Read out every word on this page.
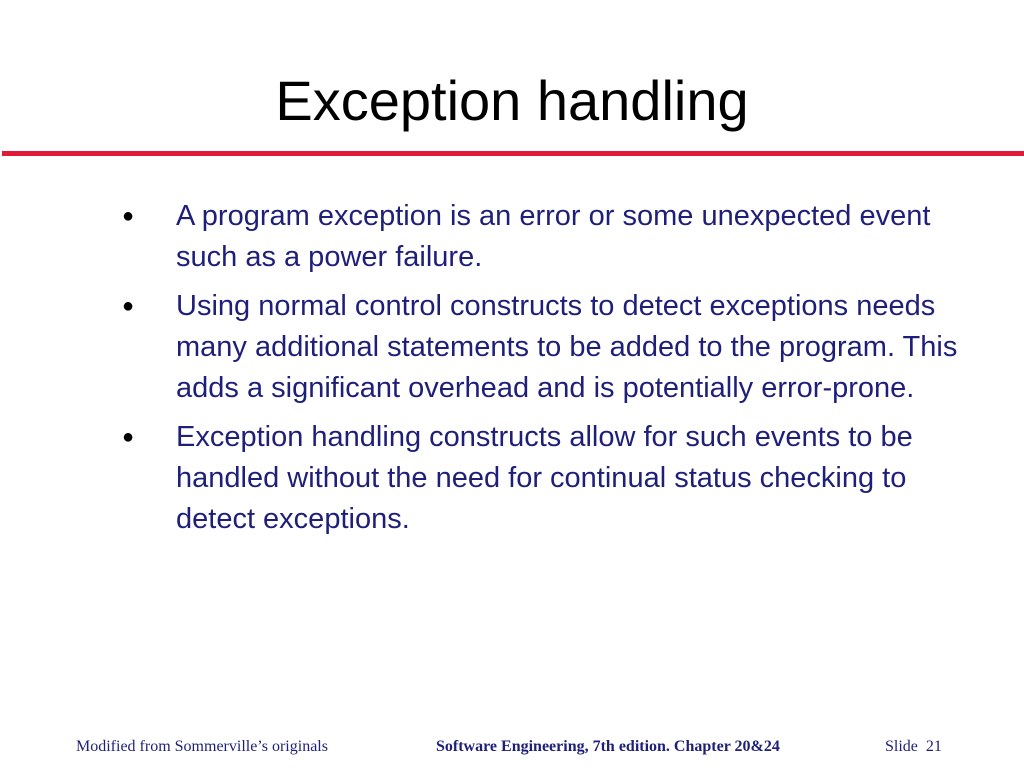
Exception handling
● A program exception is an error or some unexpected event such as a power failure.
● Using normal control constructs to detect exceptions needs many additional statements to be added to the program. This adds a significant overhead and is potentially error-prone.
● Exception handling constructs allow for such events to be handled without the need for continual status checking to detect exceptions.
Modified from Sommerville’s originals	Software Engineering, 7th edition. Chapter 20&24	Slide 21
